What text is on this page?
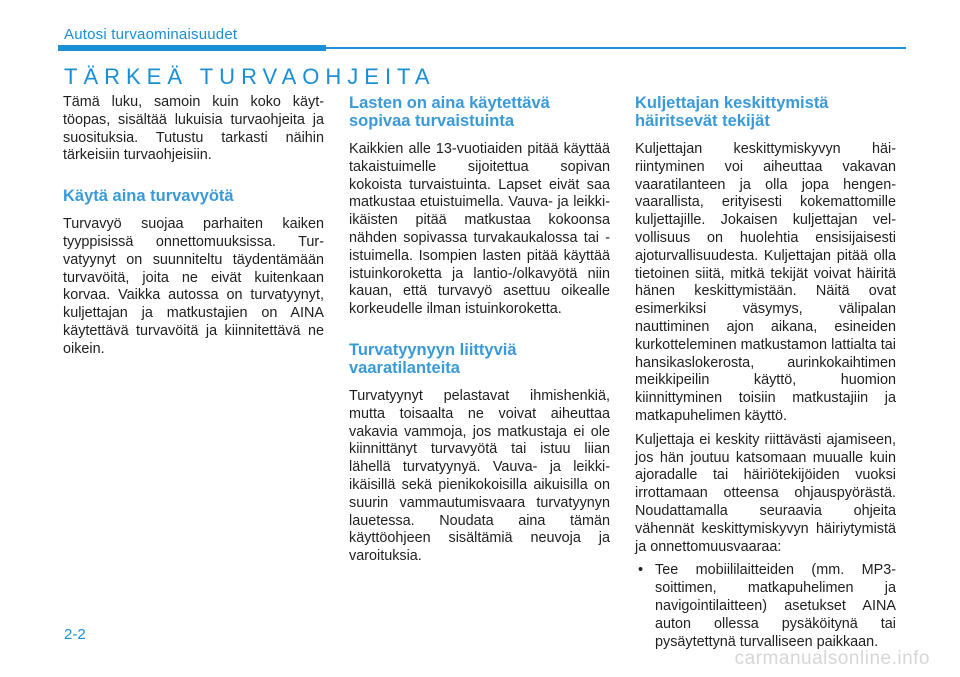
Autosi turvaominaisuudet
TÄRKEÄ TURVAOHJEITA

Tämä luku, samoin kuin koko käyttöopas, sisältää lukuisia turvaohjeita ja suosituksia. Tutustu tarkasti näihin tärkeisiin turvaohjeisiin.

Käytä aina turvavyötä

Turvavyö suojaa parhaiten kaiken tyyppisissä onnettomuuksissa. Turvatyynyt on suunniteltu täydentämään turvavöitä, joita ne eivät kuitenkaan korvaa. Vaikka autossa on turvatyynyt, kuljettajan ja matkustajien on AINA käytettävä turvavöitä ja kiinnitettävä ne oikein.

Lasten on aina käytettävä sopivaa turvaistuinta

Kaikkien alle 13-vuotiaiden pitää käyttää takaistuimelle sijoitettua sopivan kokoista turvaistuinta. Lapset eivät saa matkustaa etuistuimella. Vauva- ja leikki-ikäisten pitää matkustaa kokoonsa nähden sopivassa turvakaukalossa tai -istuimella. Isompien lasten pitää käyttää istuinkoroketta ja lantio-/olkavyötä niin kauan, että turvavyö asettuu oikealle korkeudelle ilman istuinkoroketta.

Turvatyynyyn liittyviä vaaratilanteita

Turvatyynyt pelastavat ihmishenkiä, mutta toisaalta ne voivat aiheuttaa vakavia vammoja, jos matkustaja ei ole kiinnittänyt turvavyötä tai istuu liian lähellä turvatyynyä. Vauva- ja leikki-ikäisillä sekä pienikokoisilla aikuisilla on suurin vammautumisvaara turvatyynyn lauetessa. Noudata aina tämän käyttöohjeen sisältämiä neuvoja ja varoituksia.

Kuljettajan keskittymistä häiritsevät tekijät

Kuljettajan keskittymiskyvyn häiriintyminen voi aiheuttaa vakavan vaaratilanteen ja olla jopa hengenvaarallista, erityisesti kokemattomille kuljettajille. Jokaisen kuljettajan velvollisuus on huolehtia ensisijaisesti ajoturvallisuudesta. Kuljettajan pitää olla tietoinen siitä, mitkä tekijät voivat häiritä hänen keskittymistään. Näitä ovat esimerkiksi väsymys, välipalan nauttiminen ajon aikana, esineiden kurkotteleminen matkustamon lattialta tai hansikaslokerosta, aurinkokaihtimen meikkipeilin käyttö, huomion kiinnittyminen toisiin matkustajiin ja matkapuhelimen käyttö.

Kuljettaja ei keskity riittävästi ajamiseen, jos hän joutuu katsomaan muualle kuin ajoradalle tai häiriötekijöiden vuoksi irrottamaan otteensa ohjauspyörästä. Noudattamalla seuraavia ohjeita vähennät keskittymiskyvyn häiriytymistä ja onnettomuusvaaraa:

• Tee mobiililaitteiden (mm. MP3-soittimen, matkapuhelimen ja navigointilaitteen) asetukset AINA auton ollessa pysäköitynä tai pysäytettynä turvalliseen paikkaan.
2-2
carmanualsonline.info
